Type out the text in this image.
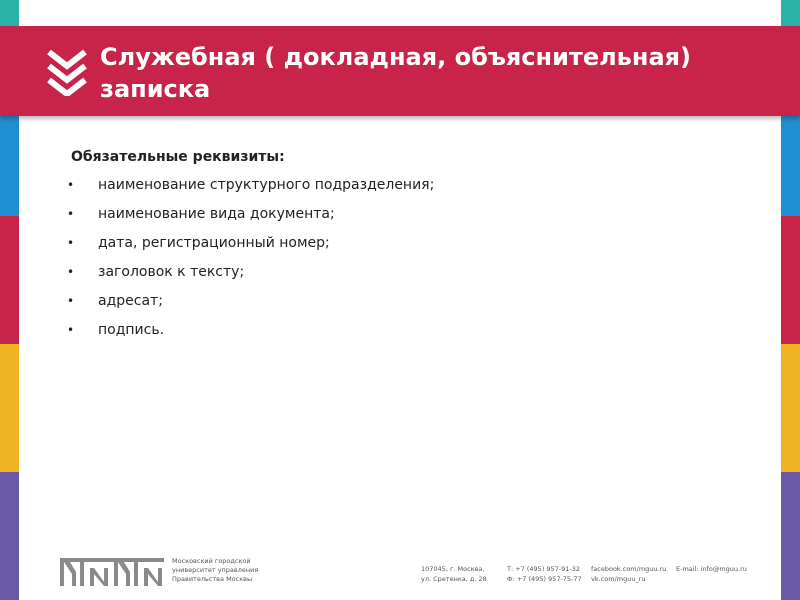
Служебная ( докладная, объяснительная) записка
Обязательные реквизиты:
• наименование структурного подразделения;
• наименование вида документа;
• дата, регистрационный номер;
• заголовок к тексту;
• адресат;
• подпись.
Московский городской
университет управления
Правительства Москвы
107045, г. Москва,
ул. Сретенка, д. 28
Т: +7 (495) 957-91-32
Ф: +7 (495) 957-75-77
facebook.com/mguu.ru
vk.com/mguu_ru
E-mail: info@mguu.ru
